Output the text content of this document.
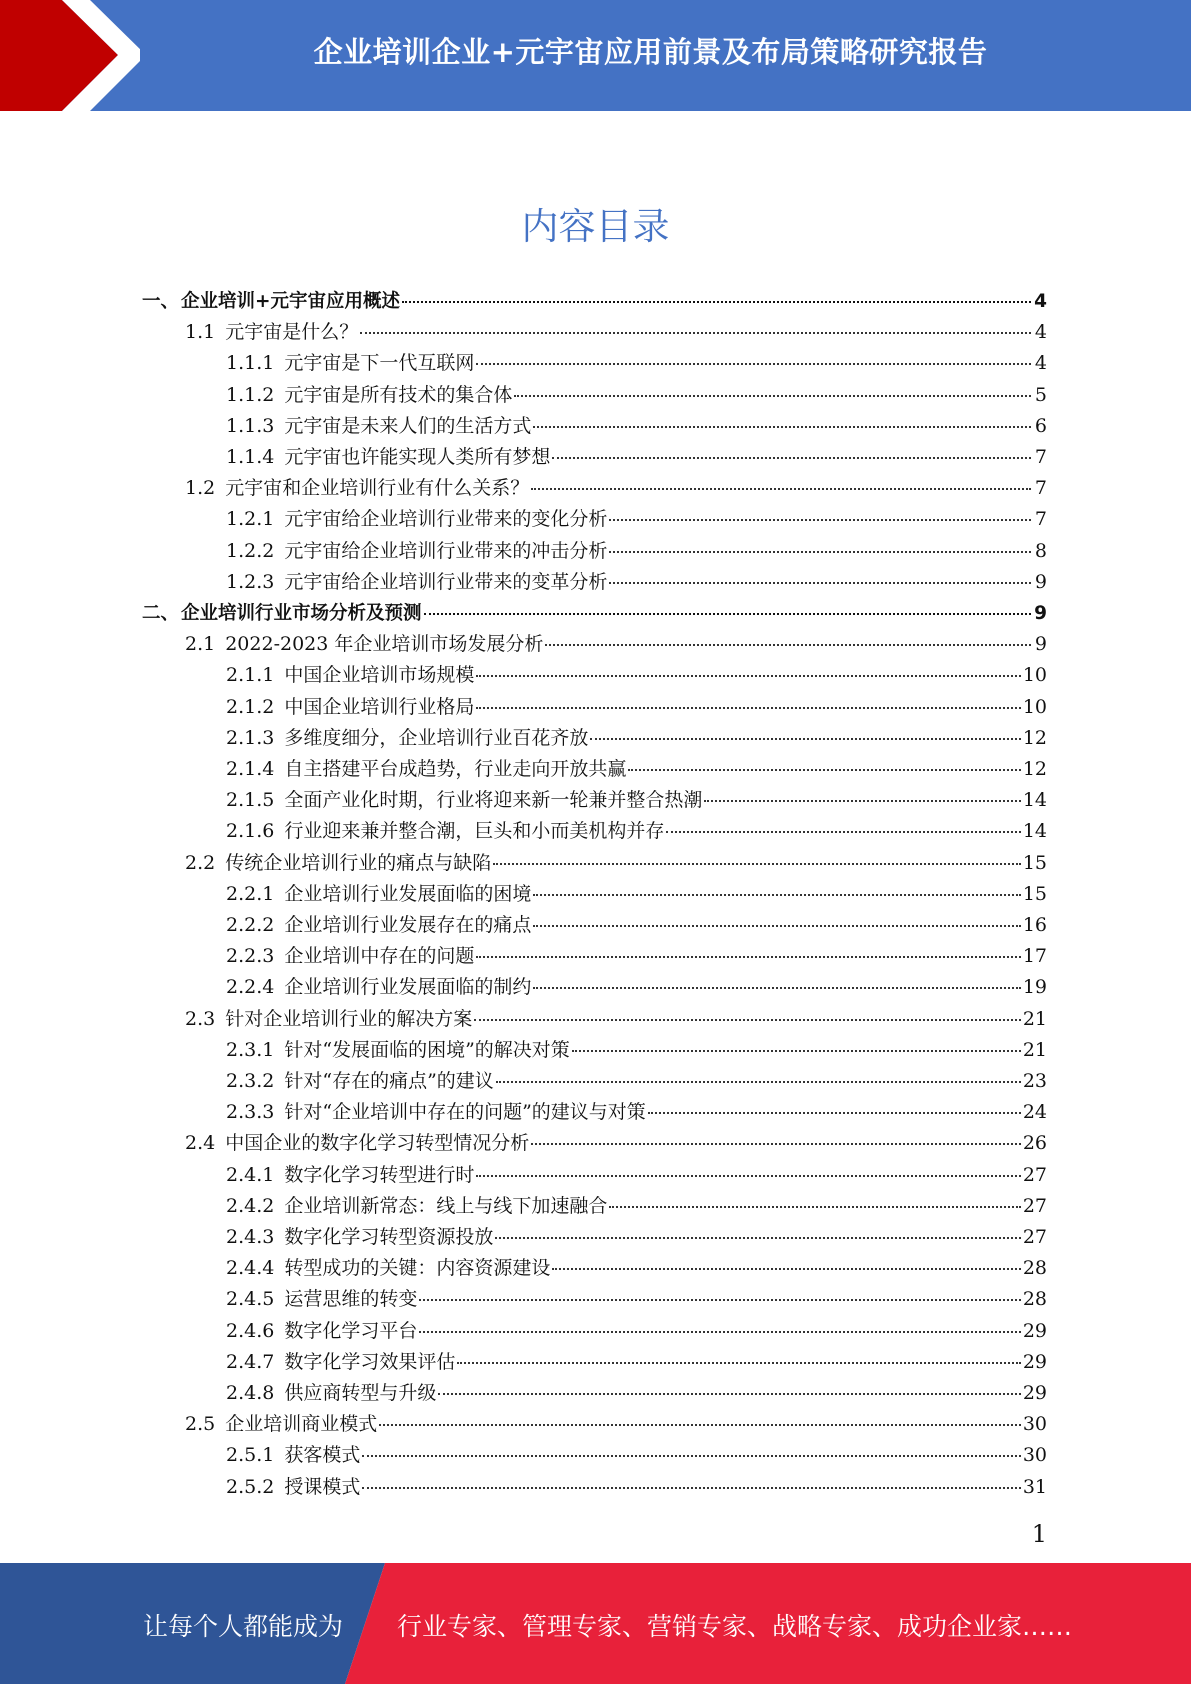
企业培训企业+元宇宙应用前景及布局策略研究报告
内容目录
一、 企业培训+元宇宙应用概述	4
1.1 元宇宙是什么？	4
1.1.1 元宇宙是下一代互联网	4
1.1.2 元宇宙是所有技术的集合体	5
1.1.3 元宇宙是未来人们的生活方式	6
1.1.4 元宇宙也许能实现人类所有梦想	7
1.2 元宇宙和企业培训行业有什么关系？	7
1.2.1 元宇宙给企业培训行业带来的变化分析	7
1.2.2 元宇宙给企业培训行业带来的冲击分析	8
1.2.3 元宇宙给企业培训行业带来的变革分析	9
二、 企业培训行业市场分析及预测	9
2.1 2022-2023 年企业培训市场发展分析	9
2.1.1 中国企业培训市场规模	10
2.1.2 中国企业培训行业格局	10
2.1.3 多维度细分，企业培训行业百花齐放	12
2.1.4 自主搭建平台成趋势，行业走向开放共赢	12
2.1.5 全面产业化时期，行业将迎来新一轮兼并整合热潮	14
2.1.6 行业迎来兼并整合潮，巨头和小而美机构并存	14
2.2 传统企业培训行业的痛点与缺陷	15
2.2.1 企业培训行业发展面临的困境	15
2.2.2 企业培训行业发展存在的痛点	16
2.2.3 企业培训中存在的问题	17
2.2.4 企业培训行业发展面临的制约	19
2.3 针对企业培训行业的解决方案	21
2.3.1 针对“发展面临的困境”的解决对策	21
2.3.2 针对“存在的痛点”的建议	23
2.3.3 针对“企业培训中存在的问题”的建议与对策	24
2.4 中国企业的数字化学习转型情况分析	26
2.4.1 数字化学习转型进行时	27
2.4.2 企业培训新常态：线上与线下加速融合	27
2.4.3 数字化学习转型资源投放	27
2.4.4 转型成功的关键：内容资源建设	28
2.4.5 运营思维的转变	28
2.4.6 数字化学习平台	29
2.4.7 数字化学习效果评估	29
2.4.8 供应商转型与升级	29
2.5 企业培训商业模式	30
2.5.1 获客模式	30
2.5.2 授课模式	31
1
让每个人都能成为 行业专家、管理专家、营销专家、战略专家、成功企业家……
